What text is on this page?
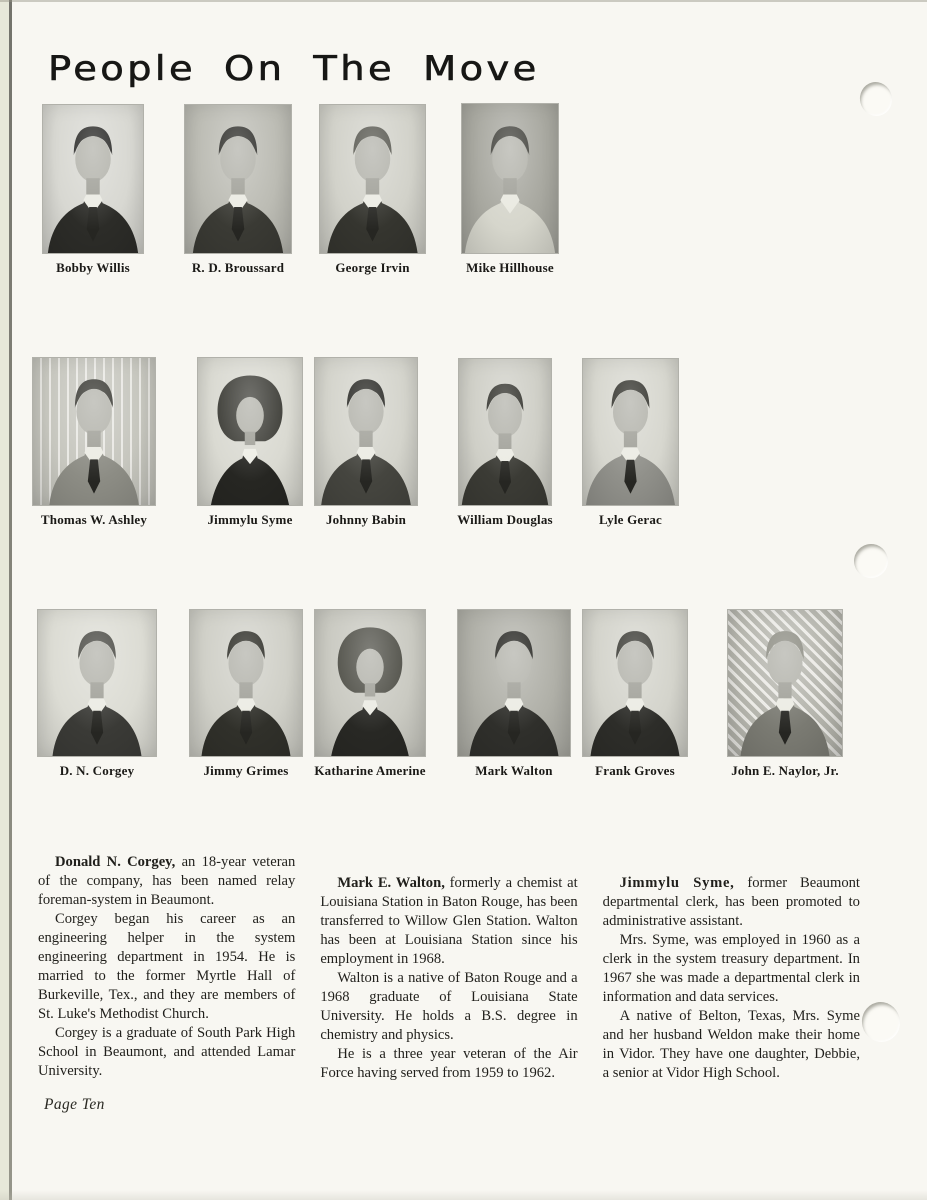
People On The Move
Bobby Willis	R. D. Broussard	George Irvin	Mike Hillhouse
Thomas W. Ashley	Jimmylu Syme	Johnny Babin	William Douglas	Lyle Gerac
D. N. Corgey	Jimmy Grimes	Katharine Amerine	Mark Walton	Frank Groves	John E. Naylor, Jr.

Donald N. Corgey, an 18-year veteran of the company, has been named relay foreman-system in Beaumont.

Corgey began his career as an engineering helper in the system engineering department in 1954. He is married to the former Myrtle Hall of Burkeville, Tex., and they are members of St. Luke's Methodist Church.

Corgey is a graduate of South Park High School in Beaumont, and attended Lamar University.

Mark E. Walton, formerly a chemist at Louisiana Station in Baton Rouge, has been transferred to Willow Glen Station. Walton has been at Louisiana Station since his employment in 1968.

Walton is a native of Baton Rouge and a 1968 graduate of Louisiana State University. He holds a B.S. degree in chemistry and physics.

He is a three year veteran of the Air Force having served from 1959 to 1962.

Jimmylu Syme, former Beaumont departmental clerk, has been promoted to administrative assistant.

Mrs. Syme, was employed in 1960 as a clerk in the system treasury department. In 1967 she was made a departmental clerk in information and data services.

A native of Belton, Texas, Mrs. Syme and her husband Weldon make their home in Vidor. They have one daughter, Debbie, a senior at Vidor High School.

Page Ten
